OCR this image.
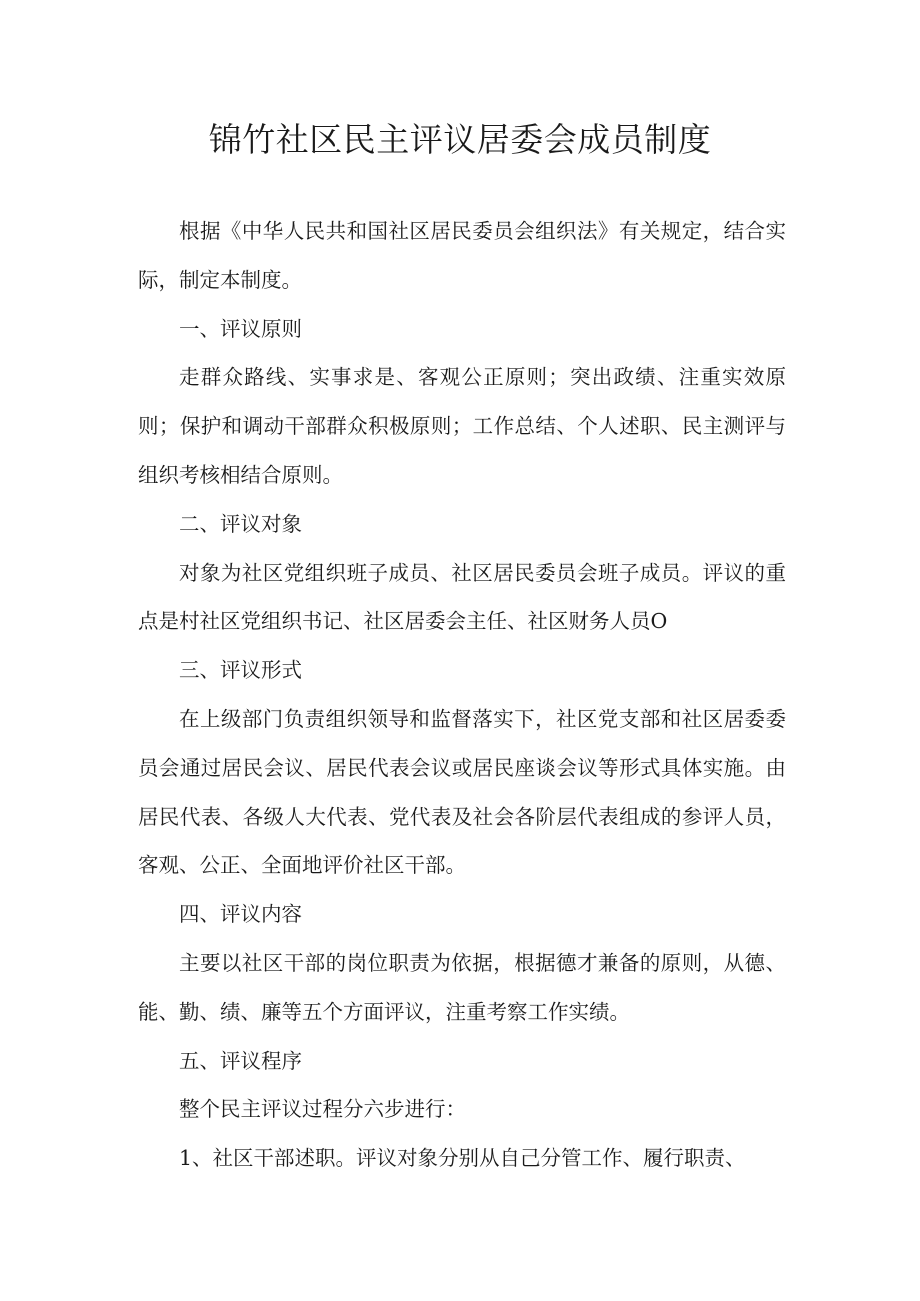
锦竹社区民主评议居委会成员制度

根据《中华人民共和国社区居民委员会组织法》有关规定，结合实际，制定本制度。

一、评议原则

走群众路线、实事求是、客观公正原则；突出政绩、注重实效原则；保护和调动干部群众积极原则；工作总结、个人述职、民主测评与组织考核相结合原则。

二、评议对象

对象为社区党组织班子成员、社区居民委员会班子成员。评议的重点是村社区党组织书记、社区居委会主任、社区财务人员O

三、评议形式

在上级部门负责组织领导和监督落实下，社区党支部和社区居委委员会通过居民会议、居民代表会议或居民座谈会议等形式具体实施。由居民代表、各级人大代表、党代表及社会各阶层代表组成的参评人员，客观、公正、全面地评价社区干部。

四、评议内容

主要以社区干部的岗位职责为依据，根据德才兼备的原则，从德、能、勤、绩、廉等五个方面评议，注重考察工作实绩。

五、评议程序

整个民主评议过程分六步进行：

1、社区干部述职。评议对象分别从自己分管工作、履行职责、
